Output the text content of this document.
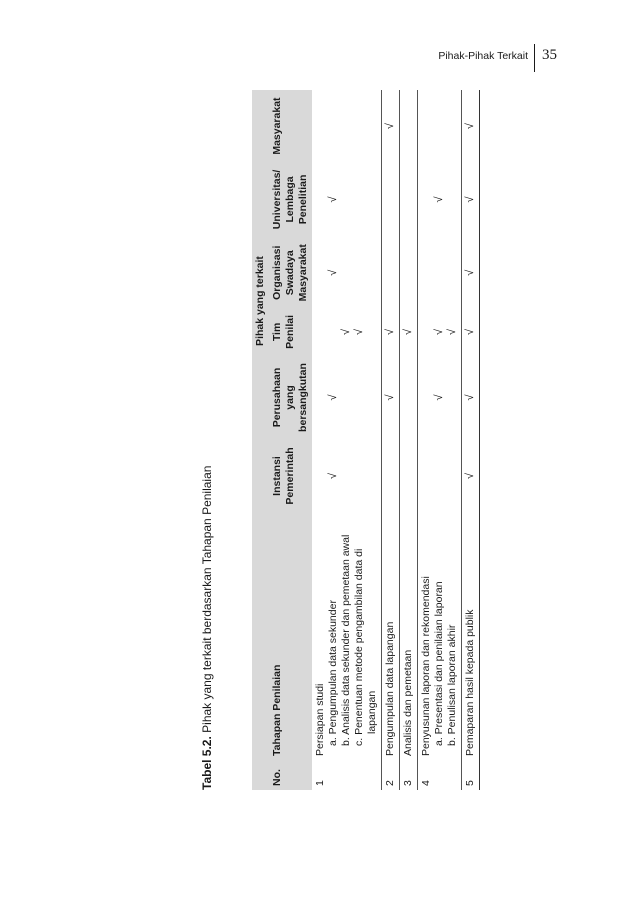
Pihak-Pihak Terkait 35
Tabel 5.2. Pihak yang terkait berdasarkan Tahapan Penilaian
		Pihak yang terkait					
No.	Tahapan Penilaian	Instansi Pemerintah	Perusahaan yang bersangkutan	Tim Penilai	Organisasi Swadaya Masyarakat	Universitas/ Lembaga Penelitian	Masyarakat

1	Persiapan studi a. Pengumpulan data sekunder b. Analisis data sekunder dan pemetaan awal c. Penentuan metode pengambilan data di lapangan	√	√	√ √	√	√	

2	Pengumpulan data lapangan		√	√			√
3	Analisis dan pemetaan			√			
4	Penyusunan laporan dan rekomendasi a. Presentasi dan penilaian laporan b. Penulisan laporan akhir		√	√ √		√	

5	Pemaparan hasil kepada publik	√	√	√	√	√	√
